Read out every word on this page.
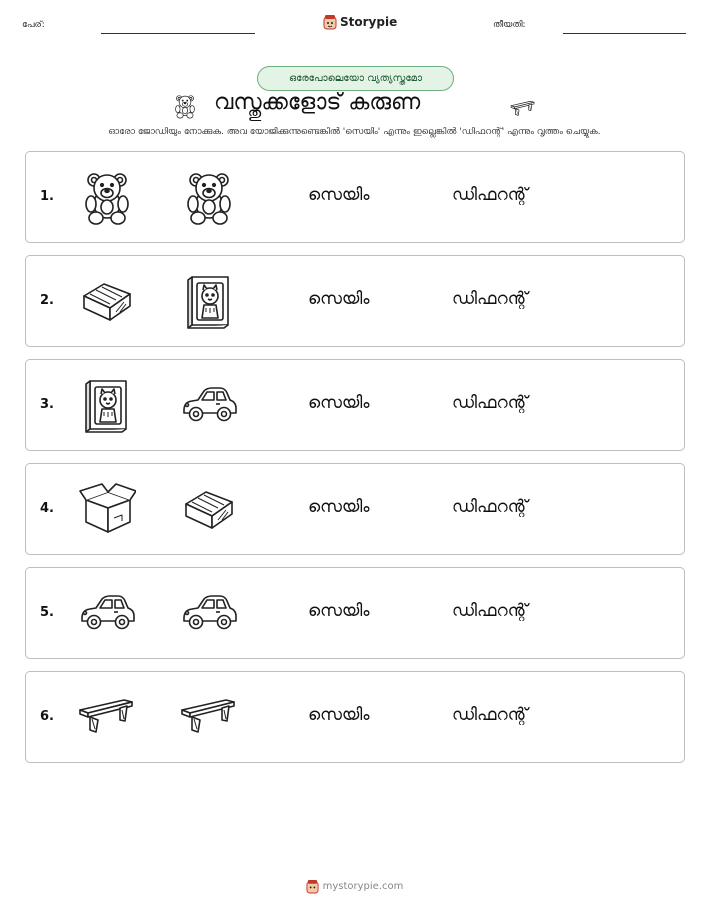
പേര്:	Storypie	തീയതി:
ഒരേപോലെയോ വ്യത്യസ്തമോ
വസ്തുക്കളോട് കരുണ
ഓരോ ജോഡിയും നോക്കുക. അവ യോജിക്കുന്നുണ്ടെങ്കിൽ 'സെയിം' എന്നും ഇല്ലെങ്കിൽ 'ഡിഫറന്റ്' എന്നും വൃത്തം ചെയ്യുക.
1.	സെയിം	ഡിഫറന്റ്
2.	സെയിം	ഡിഫറന്റ്
3.	സെയിം	ഡിഫറന്റ്
4.	സെയിം	ഡിഫറന്റ്
5.	സെയിം	ഡിഫറന്റ്
6.	സെയിം	ഡിഫറന്റ്
mystorypie.com
